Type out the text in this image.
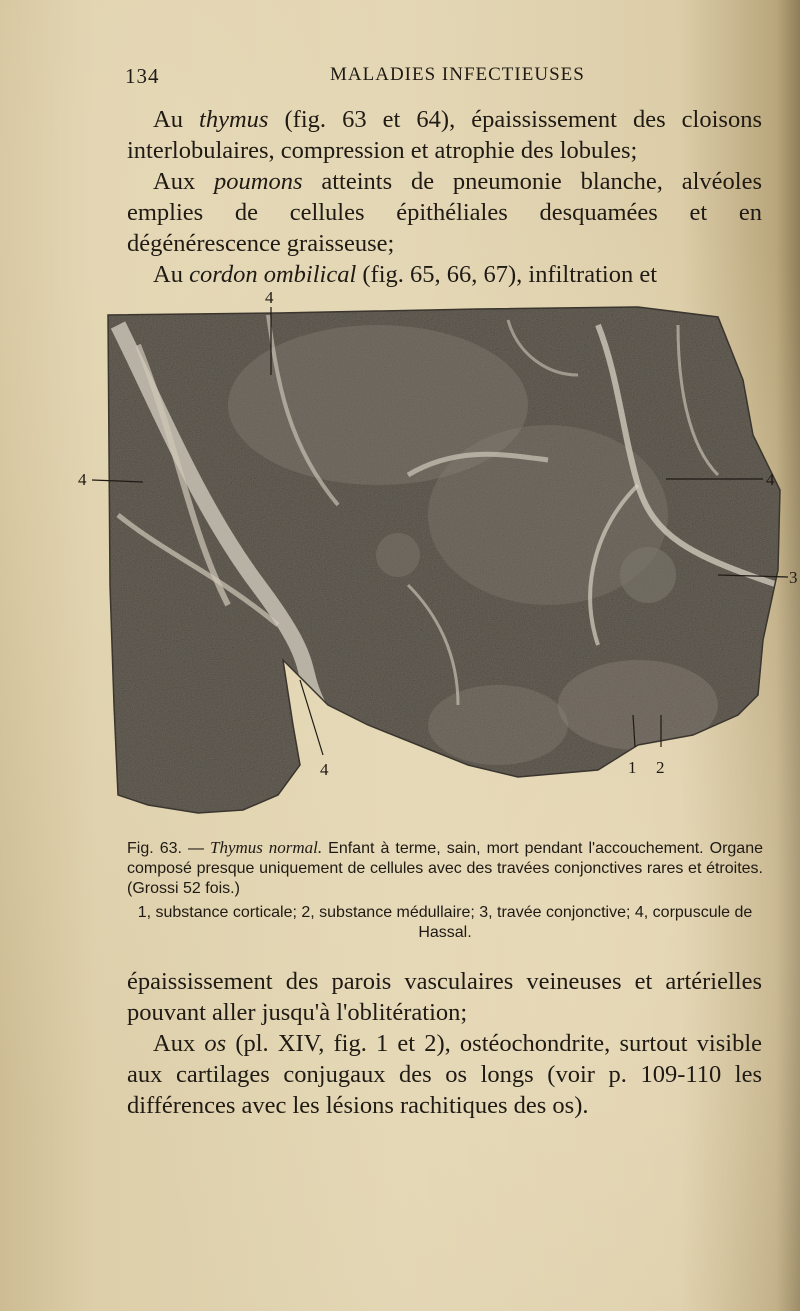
134	MALADIES INFECTIEUSES

Au thymus (fig. 63 et 64), épaississement des cloisons interlobulaires, compression et atrophie des lobules;

Aux poumons atteints de pneumonie blanche, alvéoles emplies de cellules épithéliales desquamées et en dégénérescence graisseuse;

Au cordon ombilical (fig. 65, 66, 67), infiltration et

4
4	4
3
4	1 2

Fig. 63. — Thymus normal. Enfant à terme, sain, mort pendant l'accouchement. Organe composé presque uniquement de cellules avec des travées conjonctives rares et étroites. (Grossi 52 fois.)

1, substance corticale; 2, substance médullaire; 3, travée conjonctive; 4, corpuscule de Hassal.

épaississement des parois vasculaires veineuses et artérielles pouvant aller jusqu'à l'oblitération;

Aux os (pl. XIV, fig. 1 et 2), ostéochondrite, surtout visible aux cartilages conjugaux des os longs (voir p. 109-110 les différences avec les lésions rachitiques des os).
